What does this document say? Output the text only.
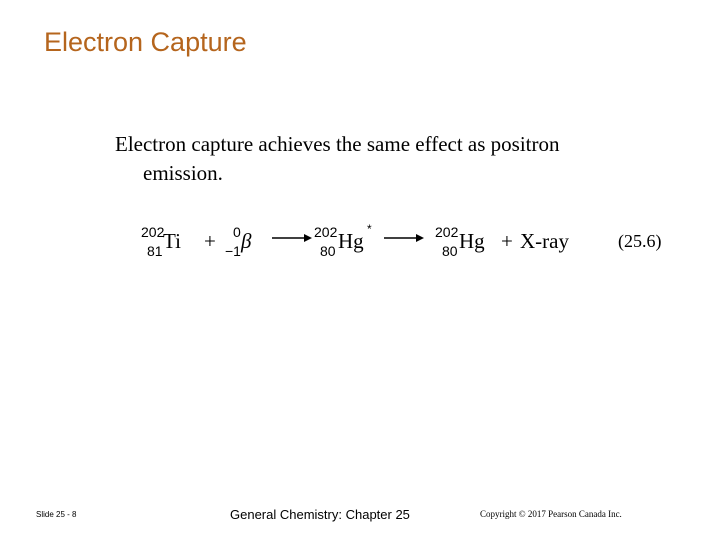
Electron Capture
Electron capture achieves the same effect as positron
emission.
202
81 Ti + 0
−1 β → 202
80 Hg * → 202
80 Hg + X-ray	(25.6)
Slide 25 - 8	General Chemistry: Chapter 25	Copyright © 2017 Pearson Canada Inc.
